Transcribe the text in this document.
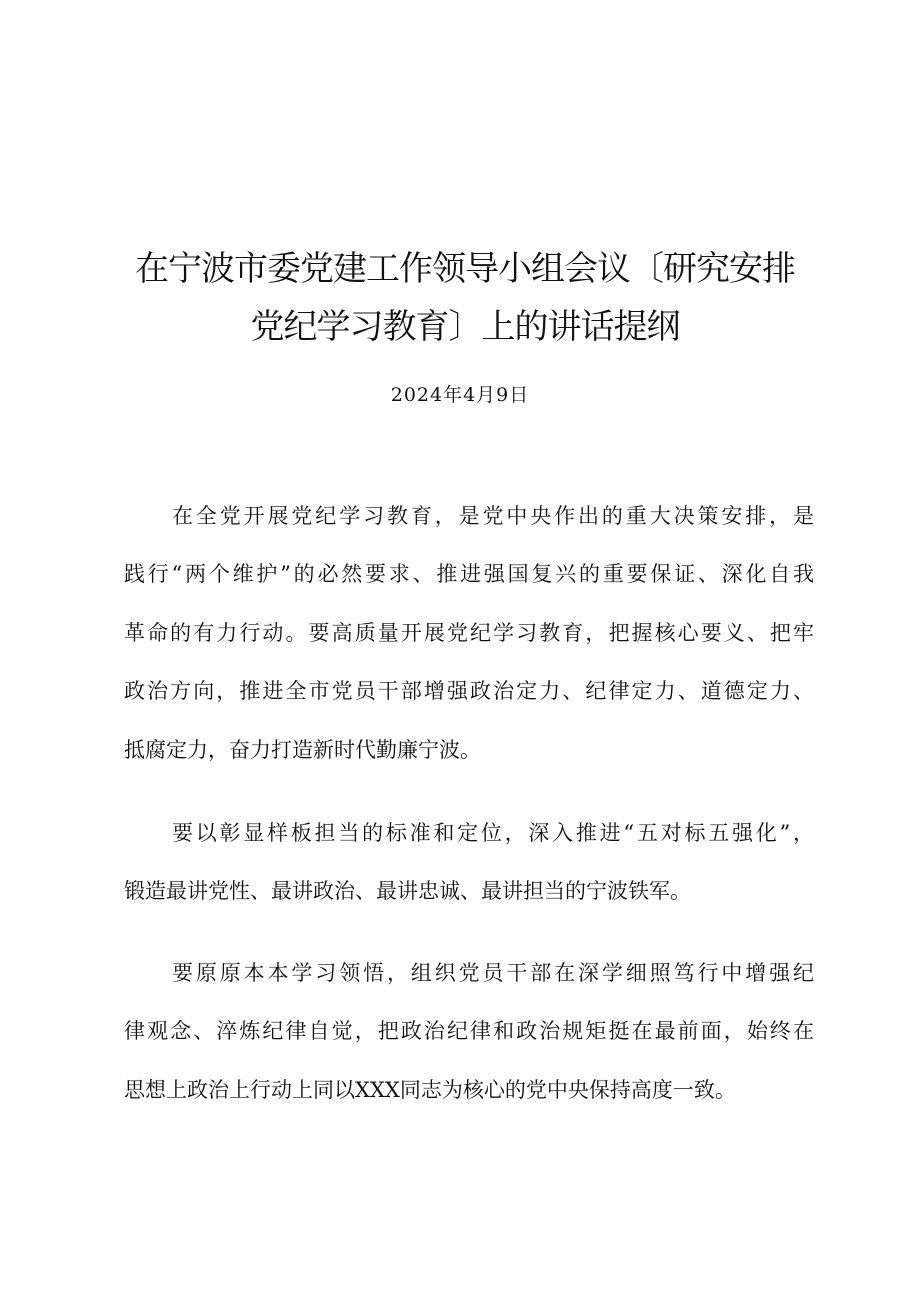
在宁波市委党建工作领导小组会议〔研究安排
党纪学习教育〕上的讲话提纲
2024年4月9日

在全党开展党纪学习教育，是党中央作出的重大决策安排，是
践行“两个维护”的必然要求、推进强国复兴的重要保证、深化自我
革命的有力行动。要高质量开展党纪学习教育，把握核心要义、把牢
政治方向，推进全市党员干部增强政治定力、纪律定力、道德定力、
抵腐定力，奋力打造新时代勤廉宁波。

要以彰显样板担当的标准和定位，深入推进“五对标五强化”，
锻造最讲党性、最讲政治、最讲忠诚、最讲担当的宁波铁军。

要原原本本学习领悟，组织党员干部在深学细照笃行中增强纪
律观念、淬炼纪律自觉，把政治纪律和政治规矩挺在最前面，始终在
思想上政治上行动上同以XXX同志为核心的党中央保持高度一致。
